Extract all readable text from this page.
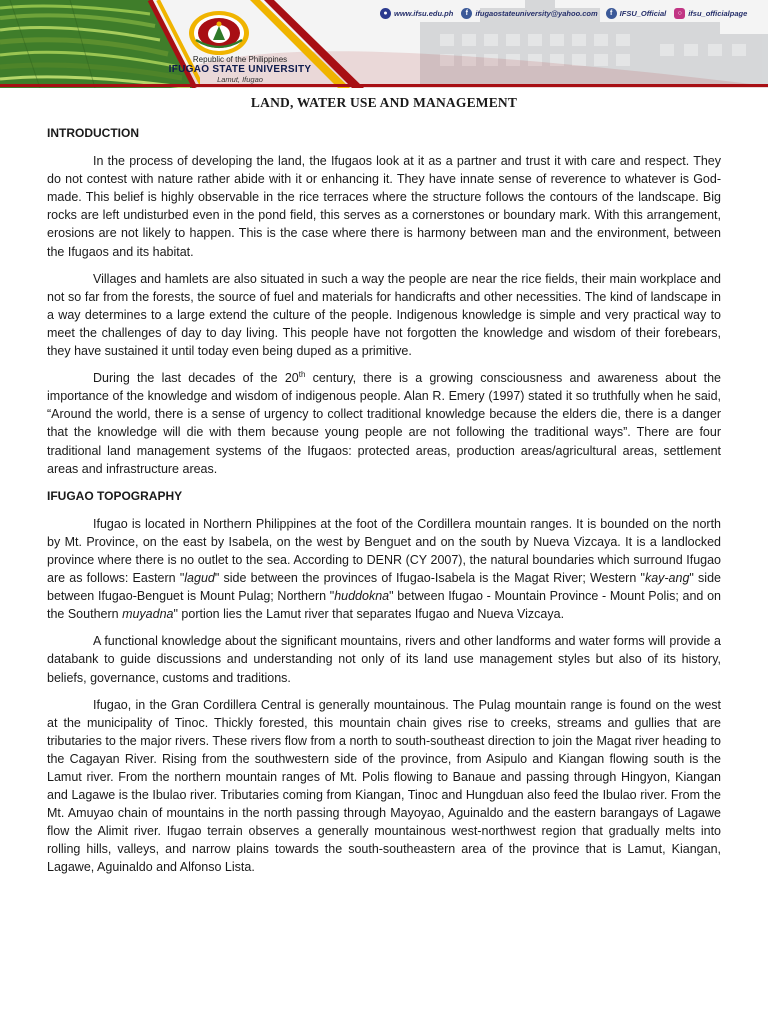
Republic of the Philippines
IFUGAO STATE UNIVERSITY
Lamut, Ifugao
● www.ifsu.edu.ph	f ifugaostateuniversity@yahoo.com	f IFSU_Official	○ ifsu_officialpage
LAND, WATER USE AND MANAGEMENT
INTRODUCTION

In the process of developing the land, the Ifugaos look at it as a partner and trust it with care and respect. They do not contest with nature rather abide with it or enhancing it. They have innate sense of reverence to whatever is God-made. This belief is highly observable in the rice terraces where the structure follows the contours of the landscape. Big rocks are left undisturbed even in the pond field, this serves as a cornerstones or boundary mark. With this arrangement, erosions are not likely to happen. This is the case where there is harmony between man and the environment, between the Ifugaos and its habitat.

Villages and hamlets are also situated in such a way the people are near the rice fields, their main workplace and not so far from the forests, the source of fuel and materials for handicrafts and other necessities. The kind of landscape in a way determines to a large extend the culture of the people. Indigenous knowledge is simple and very practical way to meet the challenges of day to day living. This people have not forgotten the knowledge and wisdom of their forebears, they have sustained it until today even being duped as a primitive.

During the last decades of the 20th century, there is a growing consciousness and awareness about the importance of the knowledge and wisdom of indigenous people. Alan R. Emery (1997) stated it so truthfully when he said, “Around the world, there is a sense of urgency to collect traditional knowledge because the elders die, there is a danger that the knowledge will die with them because young people are not following the traditional ways”. There are four traditional land management systems of the Ifugaos: protected areas, production areas/agricultural areas, settlement areas and infrastructure areas.

IFUGAO TOPOGRAPHY

Ifugao is located in Northern Philippines at the foot of the Cordillera mountain ranges. It is bounded on the north by Mt. Province, on the east by Isabela, on the west by Benguet and on the south by Nueva Vizcaya. It is a landlocked province where there is no outlet to the sea. According to DENR (CY 2007), the natural boundaries which surround Ifugao are as follows: Eastern "lagud" side between the provinces of Ifugao-Isabela is the Magat River; Western "kay-ang" side between Ifugao-Benguet is Mount Pulag; Northern "huddokna" between Ifugao - Mountain Province - Mount Polis; and on the Southern muyadna" portion lies the Lamut river that separates Ifugao and Nueva Vizcaya.

A functional knowledge about the significant mountains, rivers and other landforms and water forms will provide a databank to guide discussions and understanding not only of its land use management styles but also of its history, beliefs, governance, customs and traditions.

Ifugao, in the Gran Cordillera Central is generally mountainous. The Pulag mountain range is found on the west at the municipality of Tinoc. Thickly forested, this mountain chain gives rise to creeks, streams and gullies that are tributaries to the major rivers. These rivers flow from a north to south-southeast direction to join the Magat river heading to the Cagayan River. Rising from the southwestern side of the province, from Asipulo and Kiangan flowing south is the Lamut river. From the northern mountain ranges of Mt. Polis flowing to Banaue and passing through Hingyon, Kiangan and Lagawe is the Ibulao river. Tributaries coming from Kiangan, Tinoc and Hungduan also feed the Ibulao river. From the Mt. Amuyao chain of mountains in the north passing through Mayoyao, Aguinaldo and the eastern barangays of Lagawe flow the Alimit river. Ifugao terrain observes a generally mountainous west-northwest region that gradually melts into rolling hills, valleys, and narrow plains towards the south-southeastern area of the province that is Lamut, Kiangan, Lagawe, Aguinaldo and Alfonso Lista.
